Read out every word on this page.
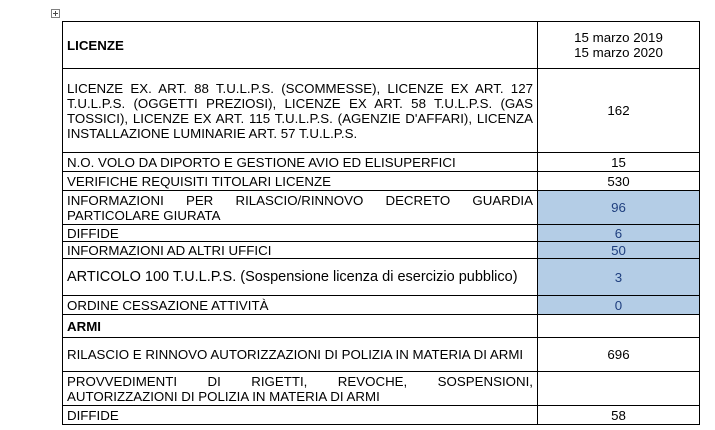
LICENZE	15 marzo 2019
15 marzo 2020

LICENZE EX. ART. 88 T.U.L.P.S. (SCOMMESSE), LICENZE EX ART. 127 T.U.L.P.S. (OGGETTI PREZIOSI), LICENZE EX ART. 58 T.U.L.P.S. (GAS TOSSICI), LICENZE EX ART. 115 T.U.L.P.S. (AGENZIE D'AFFARI), LICENZA INSTALLAZIONE LUMINARIE ART. 57 T.U.L.P.S.	162
N.O. VOLO DA DIPORTO E GESTIONE AVIO ED ELISUPERFICI	15
VERIFICHE REQUISITI TITOLARI LICENZE	530
INFORMAZIONI PER RILASCIO/RINNOVO DECRETO GUARDIA PARTICOLARE GIURATA	96
DIFFIDE	6
INFORMAZIONI AD ALTRI UFFICI	50
ARTICOLO 100 T.U.L.P.S. (Sospensione licenza di esercizio pubblico)	3
ORDINE CESSAZIONE ATTIVITÀ	0
ARMI	
RILASCIO E RINNOVO AUTORIZZAZIONI DI POLIZIA IN MATERIA DI ARMI	696
PROVVEDIMENTI DI RIGETTI, REVOCHE, SOSPENSIONI, AUTORIZZAZIONI DI POLIZIA IN MATERIA DI ARMI	
DIFFIDE	58
